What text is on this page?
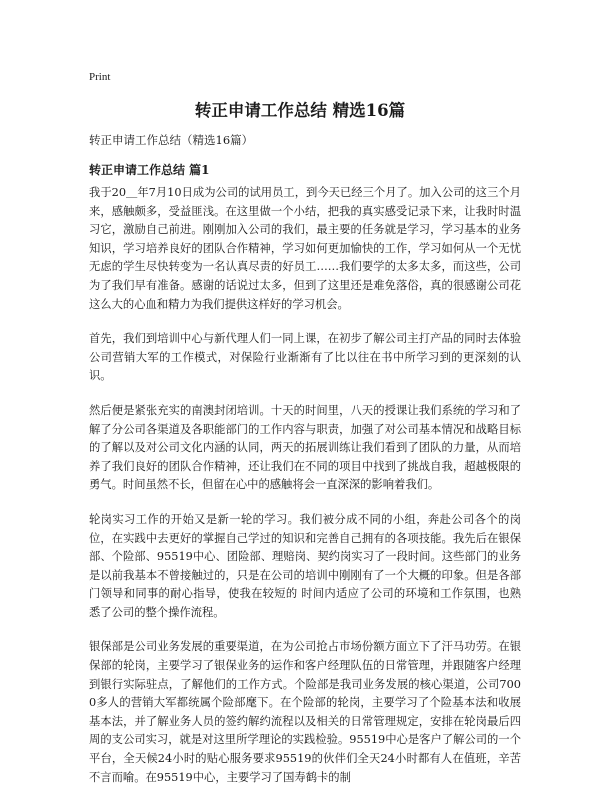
Print
转正申请工作总结 精选16篇

转正申请工作总结（精选16篇）

转正申请工作总结 篇1

我于20＿年7月10日成为公司的试用员工，到今天已经三个月了。加入公司的这三个月来，感触颇多，受益匪浅。在这里做一个小结，把我的真实感受记录下来，让我时时温习它，激励自己前进。刚刚加入公司的我们，最主要的任务就是学习，学习基本的业务知识，学习培养良好的团队合作精神，学习如何更加愉快的工作，学习如何从一个无忧无虑的学生尽快转变为一名认真尽责的好员工……我们要学的太多太多，而这些，公司为了我们早有准备。感谢的话说过太多，但到了这里还是难免落俗，真的很感谢公司花这么大的心血和精力为我们提供这样好的学习机会。

首先，我们到培训中心与新代理人们一同上课，在初步了解公司主打产品的同时去体验公司营销大军的工作模式，对保险行业渐渐有了比以往在书中所学习到的更深刻的认识。

然后便是紧张充实的南澳封闭培训。十天的时间里，八天的授课让我们系统的学习和了解了分公司各渠道及各职能部门的工作内容与职责，加强了对公司基本情况和战略目标的了解以及对公司文化内涵的认同，两天的拓展训练让我们看到了团队的力量，从而培养了我们良好的团队合作精神，还让我们在不同的项目中找到了挑战自我，超越极限的勇气。时间虽然不长，但留在心中的感触将会一直深深的影响着我们。

轮岗实习工作的开始又是新一轮的学习。我们被分成不同的小组，奔赴公司各个的岗位，在实践中去更好的掌握自己学过的知识和完善自己拥有的各项技能。我先后在银保部、个险部、95519中心、团险部、理赔岗、契约岗实习了一段时间。这些部门的业务是以前我基本不曾接触过的，只是在公司的培训中刚刚有了一个大概的印象。但是各部门领导和同事的耐心指导，使我在较短的 时间内适应了公司的环境和工作氛围，也熟悉了公司的整个操作流程。

银保部是公司业务发展的重要渠道，在为公司抢占市场份额方面立下了汗马功劳。在银保部的轮岗，主要学习了银保业务的运作和客户经理队伍的日常管理，并跟随客户经理到银行实际驻点，了解他们的工作方式。个险部是我司业务发展的核心渠道，公司7000多人的营销大军都统属个险部麾下。在个险部的轮岗，主要学习了个险基本法和收展基本法，并了解业务人员的签约解约流程以及相关的日常管理规定，安排在轮岗最后四周的支公司实习，就是对这里所学理论的实践检验。95519中心是客户了解公司的一个平台，全天候24小时的贴心服务要求95519的伙伴们全天24小时都有人在值班，辛苦不言而喻。在95519中心，主要学习了国寿鹤卡的制
